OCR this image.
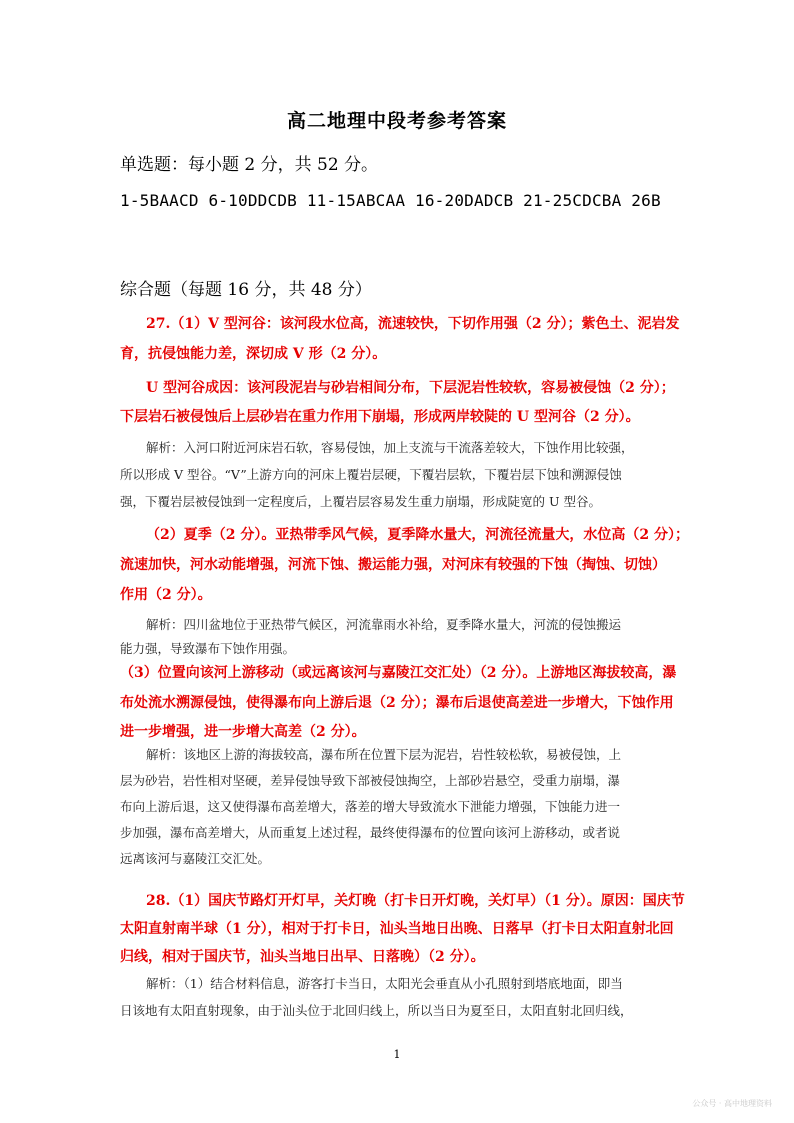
高二地理中段考参考答案
单选题：每小题 2 分，共 52 分。
1-5BAACD 6-10DDCDB 11-15ABCAA 16-20DADCB 21-25CDCBA 26B
综合题（每题 16 分，共 48 分）
27.（1）V 型河谷：该河段水位高，流速较快，下切作用强（2 分）；紫色土、泥岩发
育，抗侵蚀能力差，深切成 V 形（2 分）。
U 型河谷成因：该河段泥岩与砂岩相间分布，下层泥岩性较软，容易被侵蚀（2 分）；
下层岩石被侵蚀后上层砂岩在重力作用下崩塌，形成两岸较陡的 U 型河谷（2 分）。
解析：入河口附近河床岩石软，容易侵蚀，加上支流与干流落差较大，下蚀作用比较强，
所以形成 V 型谷。“V”上游方向的河床上覆岩层硬，下覆岩层软，下覆岩层下蚀和溯源侵蚀
强，下覆岩层被侵蚀到一定程度后，上覆岩层容易发生重力崩塌，形成陡宽的 U 型谷。
（2）夏季（2 分）。亚热带季风气候，夏季降水量大，河流径流量大，水位高（2 分）；
流速加快，河水动能增强，河流下蚀、搬运能力强，对河床有较强的下蚀（掏蚀、切蚀）
作用（2 分）。
解析：四川盆地位于亚热带气候区，河流靠雨水补给，夏季降水量大，河流的侵蚀搬运
能力强，导致瀑布下蚀作用强。
（3）位置向该河上游移动（或远离该河与嘉陵江交汇处）（2 分）。上游地区海拔较高，瀑
布处流水溯源侵蚀，使得瀑布向上游后退（2 分）；瀑布后退使高差进一步增大，下蚀作用
进一步增强，进一步增大高差（2 分）。
解析：该地区上游的海拔较高，瀑布所在位置下层为泥岩，岩性较松软，易被侵蚀，上
层为砂岩，岩性相对坚硬，差异侵蚀导致下部被侵蚀掏空，上部砂岩悬空，受重力崩塌，瀑
布向上游后退，这又使得瀑布高差增大，落差的增大导致流水下泄能力增强，下蚀能力进一
步加强，瀑布高差增大，从而重复上述过程，最终使得瀑布的位置向该河上游移动，或者说
远离该河与嘉陵江交汇处。
28.（1）国庆节路灯开灯早，关灯晚（打卡日开灯晚，关灯早）（1 分）。原因：国庆节
太阳直射南半球（1 分），相对于打卡日，汕头当地日出晚、日落早（打卡日太阳直射北回
归线，相对于国庆节，汕头当地日出早、日落晚）（2 分）。
解析：（1）结合材料信息，游客打卡当日，太阳光会垂直从小孔照射到塔底地面，即当
日该地有太阳直射现象，由于汕头位于北回归线上，所以当日为夏至日，太阳直射北回归线，
1
公众号 · 高中地理资料
